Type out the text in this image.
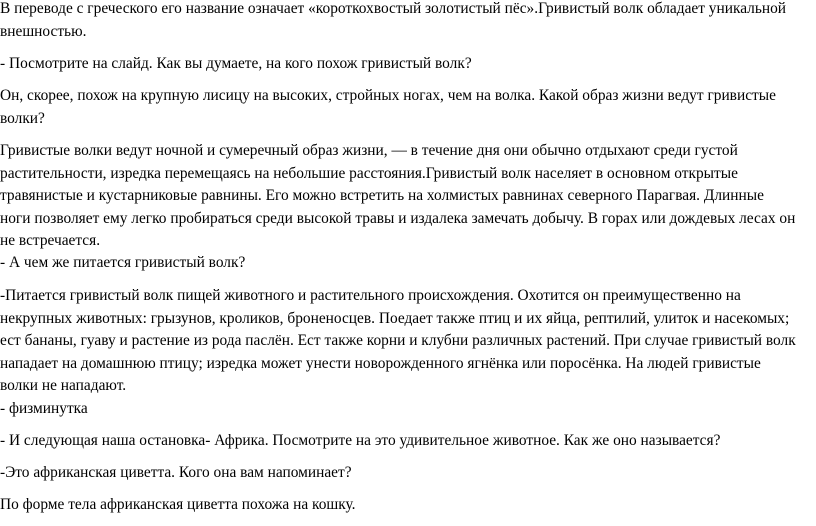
В переводе с греческого его название означает «короткохвостый золотистый пёс».Гривистый волк обладает уникальной
внешностью.

- Посмотрите на слайд. Как вы думаете, на кого похож гривистый волк?

Он, скорее, похож на крупную лисицу на высоких, стройных ногах, чем на волка. Какой образ жизни ведут гривистые
волки?

Гривистые волки ведут ночной и сумеречный образ жизни, — в течение дня они обычно отдыхают среди густой
растительности, изредка перемещаясь на небольшие расстояния.Гривистый волк населяет в основном открытые
травянистые и кустарниковые равнины. Его можно встретить на холмистых равнинах северного Парагвая. Длинные
ноги позволяет ему легко пробираться среди высокой травы и издалека замечать добычу. В горах или дождевых лесах он
не встречается.

- А чем же питается гривистый волк?

-Питается гривистый волк пищей животного и растительного происхождения. Охотится он преимущественно на
некрупных животных: грызунов, кроликов, броненосцев. Поедает также птиц и их яйца, рептилий, улиток и насекомых;
ест бананы, гуаву и растение из рода паслён. Ест также корни и клубни различных растений. При случае гривистый волк
нападает на домашнюю птицу; изредка может унести новорожденного ягнёнка или поросёнка. На людей гривистые
волки не нападают.

- физминутка

- И следующая наша остановка- Африка. Посмотрите на это удивительное животное. Как же оно называется?

-Это африканская циветта. Кого она вам напоминает?

По форме тела африканская циветта похожа на кошку.
